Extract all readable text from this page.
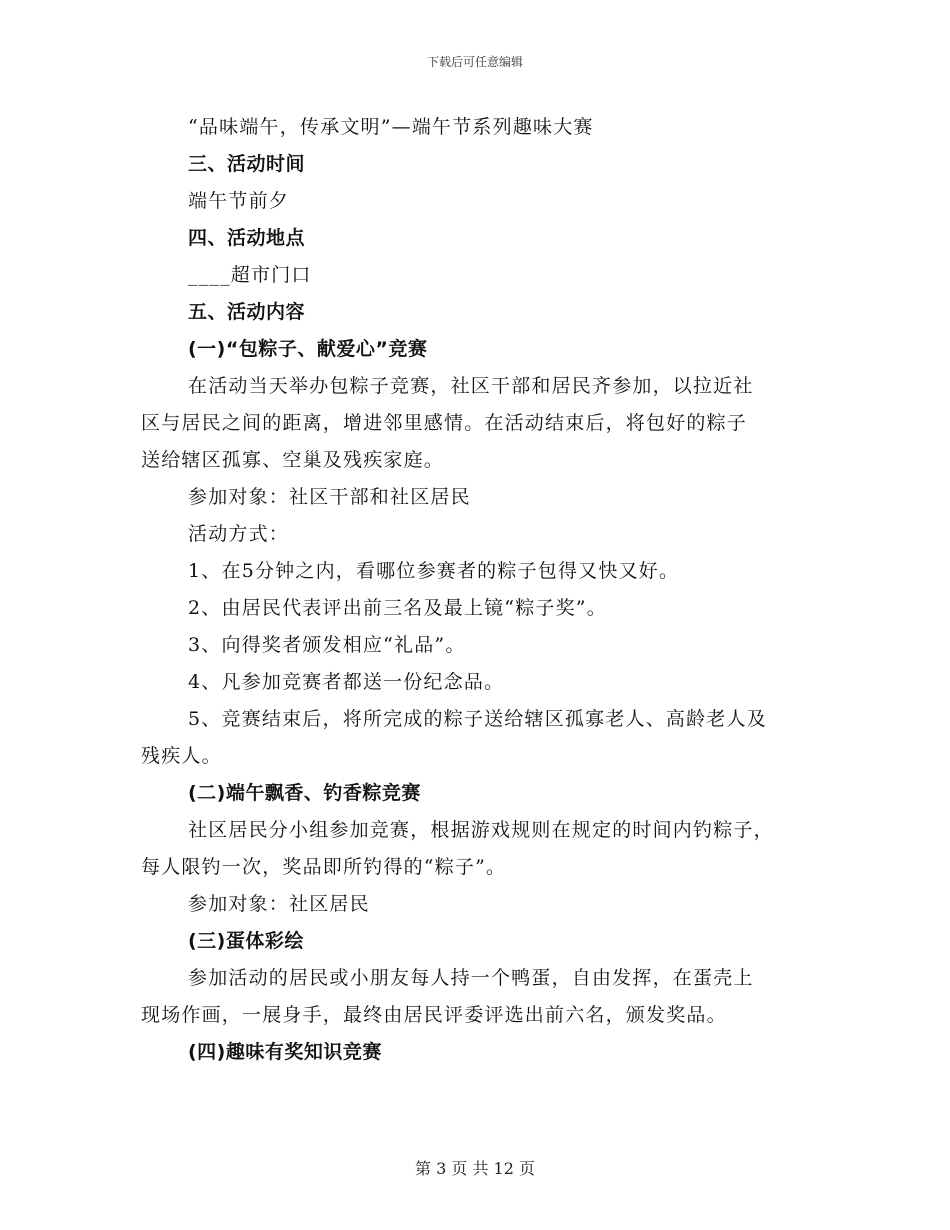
下载后可任意编辑
“品味端午，传承文明”—端午节系列趣味大赛
三、活动时间
端午节前夕
四、活动地点
____超市门口
五、活动内容
(一)“包粽子、献爱心”竞赛
在活动当天举办包粽子竞赛，社区干部和居民齐参加，以拉近社
区与居民之间的距离，增进邻里感情。在活动结束后，将包好的粽子
送给辖区孤寡、空巢及残疾家庭。
参加对象：社区干部和社区居民
活动方式：
1、在5分钟之内，看哪位参赛者的粽子包得又快又好。
2、由居民代表评出前三名及最上镜“粽子奖”。
3、向得奖者颁发相应“礼品”。
4、凡参加竞赛者都送一份纪念品。
5、竞赛结束后，将所完成的粽子送给辖区孤寡老人、高龄老人及
残疾人。
(二)端午飘香、钓香粽竞赛
社区居民分小组参加竞赛，根据游戏规则在规定的时间内钓粽子，
每人限钓一次，奖品即所钓得的“粽子”。
参加对象：社区居民
(三)蛋体彩绘
参加活动的居民或小朋友每人持一个鸭蛋，自由发挥，在蛋壳上
现场作画，一展身手，最终由居民评委评选出前六名，颁发奖品。
(四)趣味有奖知识竞赛
第 3 页 共 12 页
